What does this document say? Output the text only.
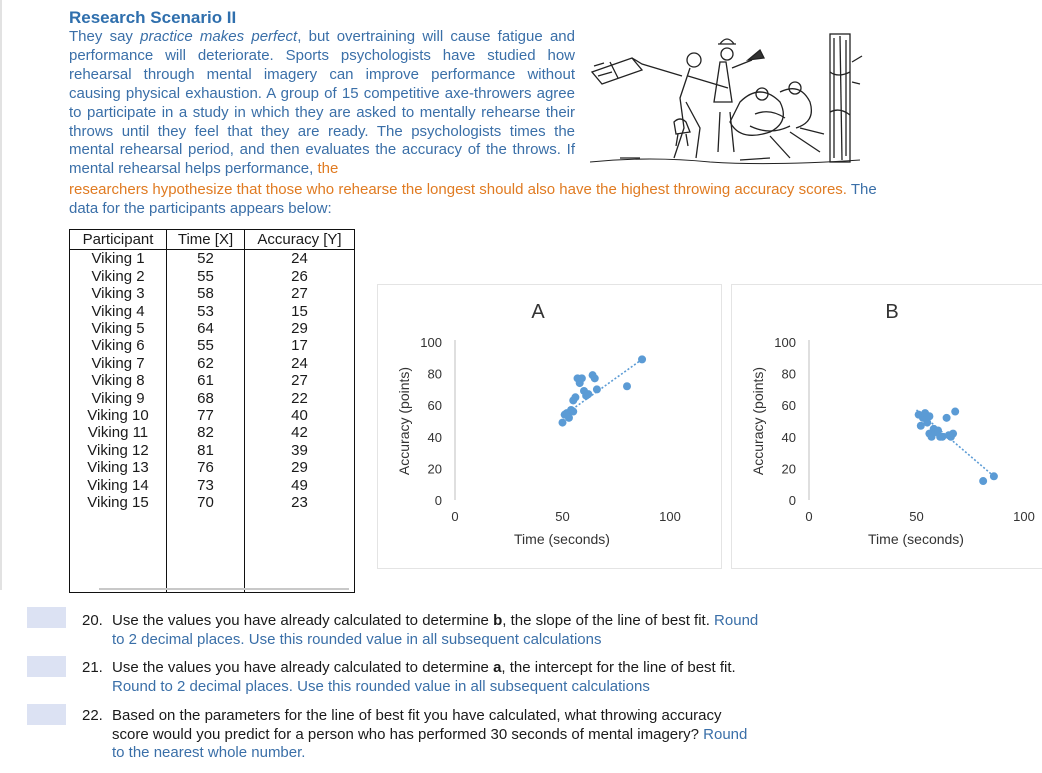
Research Scenario II
They say practice makes perfect, but overtraining will cause fatigue and performance will deteriorate. Sports psychologists have studied how rehearsal through mental imagery can improve performance without causing physical exhaustion. A group of 15 competitive axe-throwers agree to participate in a study in which they are asked to mentally rehearse their throws until they feel that they are ready. The psychologists times the mental rehearsal period, and then evaluates the accuracy of the throws. If mental rehearsal helps performance, the
researchers hypothesize that those who rehearse the longest should also have the highest throwing accuracy scores. The data for the participants appears below:
Participant	Time [X]	Accuracy [Y]
Viking 1	52	24
Viking 2	55	26
Viking 3	58	27
Viking 4	53	15
Viking 5	64	29
Viking 6	55	17
Viking 7	62	24
Viking 8	61	27
Viking 9	68	22
Viking 10	77	40
Viking 11	82	42
Viking 12	81	39
Viking 13	76	29
Viking 14	73	49
Viking 15	70	23

A
0
20
40
60
80
100
0	50	100
Time (seconds)
Accuracy (points)
B
0
20
40
60
80
100
0	50	100
Time (seconds)
Accuracy (points)
20. Use the values you have already calculated to determine b, the slope of the line of best fit. Round
to 2 decimal places. Use this rounded value in all subsequent calculations
21. Use the values you have already calculated to determine a, the intercept for the line of best fit.
Round to 2 decimal places. Use this rounded value in all subsequent calculations
22. Based on the parameters for the line of best fit you have calculated, what throwing accuracy
score would you predict for a person who has performed 30 seconds of mental imagery? Round
to the nearest whole number.
